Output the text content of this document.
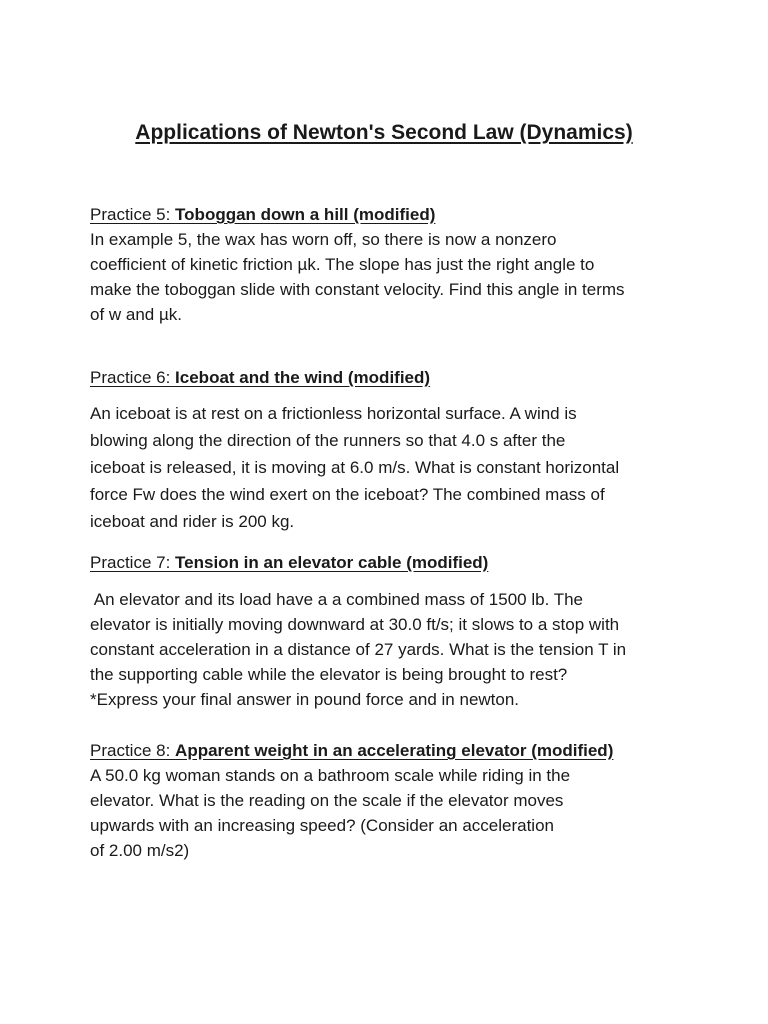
Applications of Newton's Second Law (Dynamics)
Practice 5: Toboggan down a hill (modified)
In example 5, the wax has worn off, so there is now a nonzero
coefficient of kinetic friction µk. The slope has just the right angle to
make the toboggan slide with constant velocity. Find this angle in terms
of w and µk.
Practice 6: Iceboat and the wind (modified)
An iceboat is at rest on a frictionless horizontal surface. A wind is
blowing along the direction of the runners so that 4.0 s after the
iceboat is released, it is moving at 6.0 m/s. What is constant horizontal
force Fw does the wind exert on the iceboat? The combined mass of
iceboat and rider is 200 kg.
Practice 7: Tension in an elevator cable (modified)
An elevator and its load have a a combined mass of 1500 lb. The
elevator is initially moving downward at 30.0 ft/s; it slows to a stop with
constant acceleration in a distance of 27 yards. What is the tension T in
the supporting cable while the elevator is being brought to rest?
*Express your final answer in pound force and in newton.
Practice 8: Apparent weight in an accelerating elevator (modified)
A 50.0 kg woman stands on a bathroom scale while riding in the
elevator. What is the reading on the scale if the elevator moves
upwards with an increasing speed? (Consider an acceleration
of 2.00 m/s2)
